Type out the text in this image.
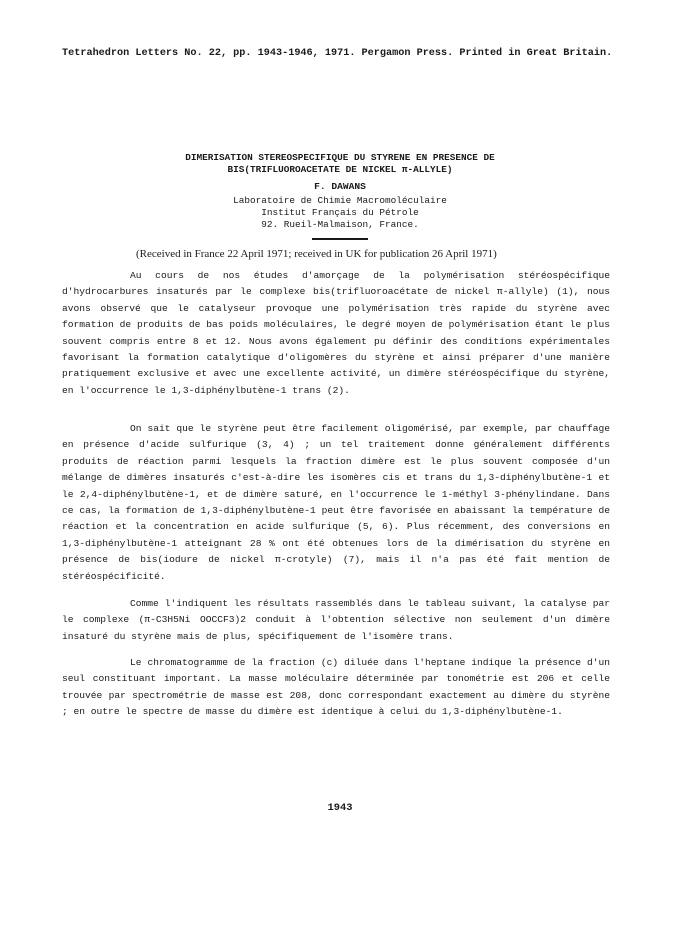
Tetrahedron Letters No. 22, pp. 1943-1946, 1971. Pergamon Press. Printed in Great Britain.
DIMERISATION STEREOSPECIFIQUE DU STYRENE EN PRESENCE DE
BIS(TRIFLUOROACETATE DE NICKEL π-ALLYLE)
F. DAWANS
Laboratoire de Chimie Macromoléculaire
Institut Français du Pétrole
92. Rueil-Malmaison, France.
(Received in France 22 April 1971; received in UK for publication 26 April 1971)

Au cours de nos études d'amorçage de la polymérisation stéréospécifique d'hydrocarbures insaturés par le complexe bis(trifluoroacétate de nickel π-allyle) (1), nous avons observé que le catalyseur provoque une polymérisation très rapide du styrène avec formation de produits de bas poids moléculaires, le degré moyen de polymérisation étant le plus souvent compris entre 8 et 12. Nous avons également pu définir des conditions expérimentales favorisant la formation catalytique d'oligomères du styrène et ainsi préparer d'une manière pratiquement exclusive et avec une excellente activité, un dimère stéréospécifique du styrène, en l'occurrence le 1,3-diphénylbutène-1 trans (2).

On sait que le styrène peut être facilement oligomérisé, par exemple, par chauffage en présence d'acide sulfurique (3, 4) ; un tel traitement donne généralement différents produits de réaction parmi lesquels la fraction dimère est le plus souvent composée d'un mélange de dimères insaturés c'est-à-dire les isomères cis et trans du 1,3-diphénylbutène-1 et le 2,4-diphénylbutène-1, et de dimère saturé, en l'occurrence le 1-méthyl 3-phénylindane. Dans ce cas, la formation de 1,3-diphénylbutène-1 peut être favorisée en abaissant la température de réaction et la concentration en acide sulfurique (5, 6). Plus récemment, des conversions en 1,3-diphénylbutène-1 atteignant 28 % ont été obtenues lors de la dimérisation du styrène en présence de bis(iodure de nickel π-crotyle) (7), mais il n'a pas été fait mention de stéréospécificité.

Comme l'indiquent les résultats rassemblés dans le tableau suivant, la catalyse par le complexe (π-C3H5Ni OOCCF3)2 conduit à l'obtention sélective non seulement d'un dimère insaturé du styrène mais de plus, spécifiquement de l'isomère trans.

Le chromatogramme de la fraction (c) diluée dans l'heptane indique la présence d'un seul constituant important. La masse moléculaire déterminée par tonométrie est 206 et celle trouvée par spectrométrie de masse est 208, donc correspondant exactement au dimère du styrène ; en outre le spectre de masse du dimère est identique à celui du 1,3-diphénylbutène-1.

1943
